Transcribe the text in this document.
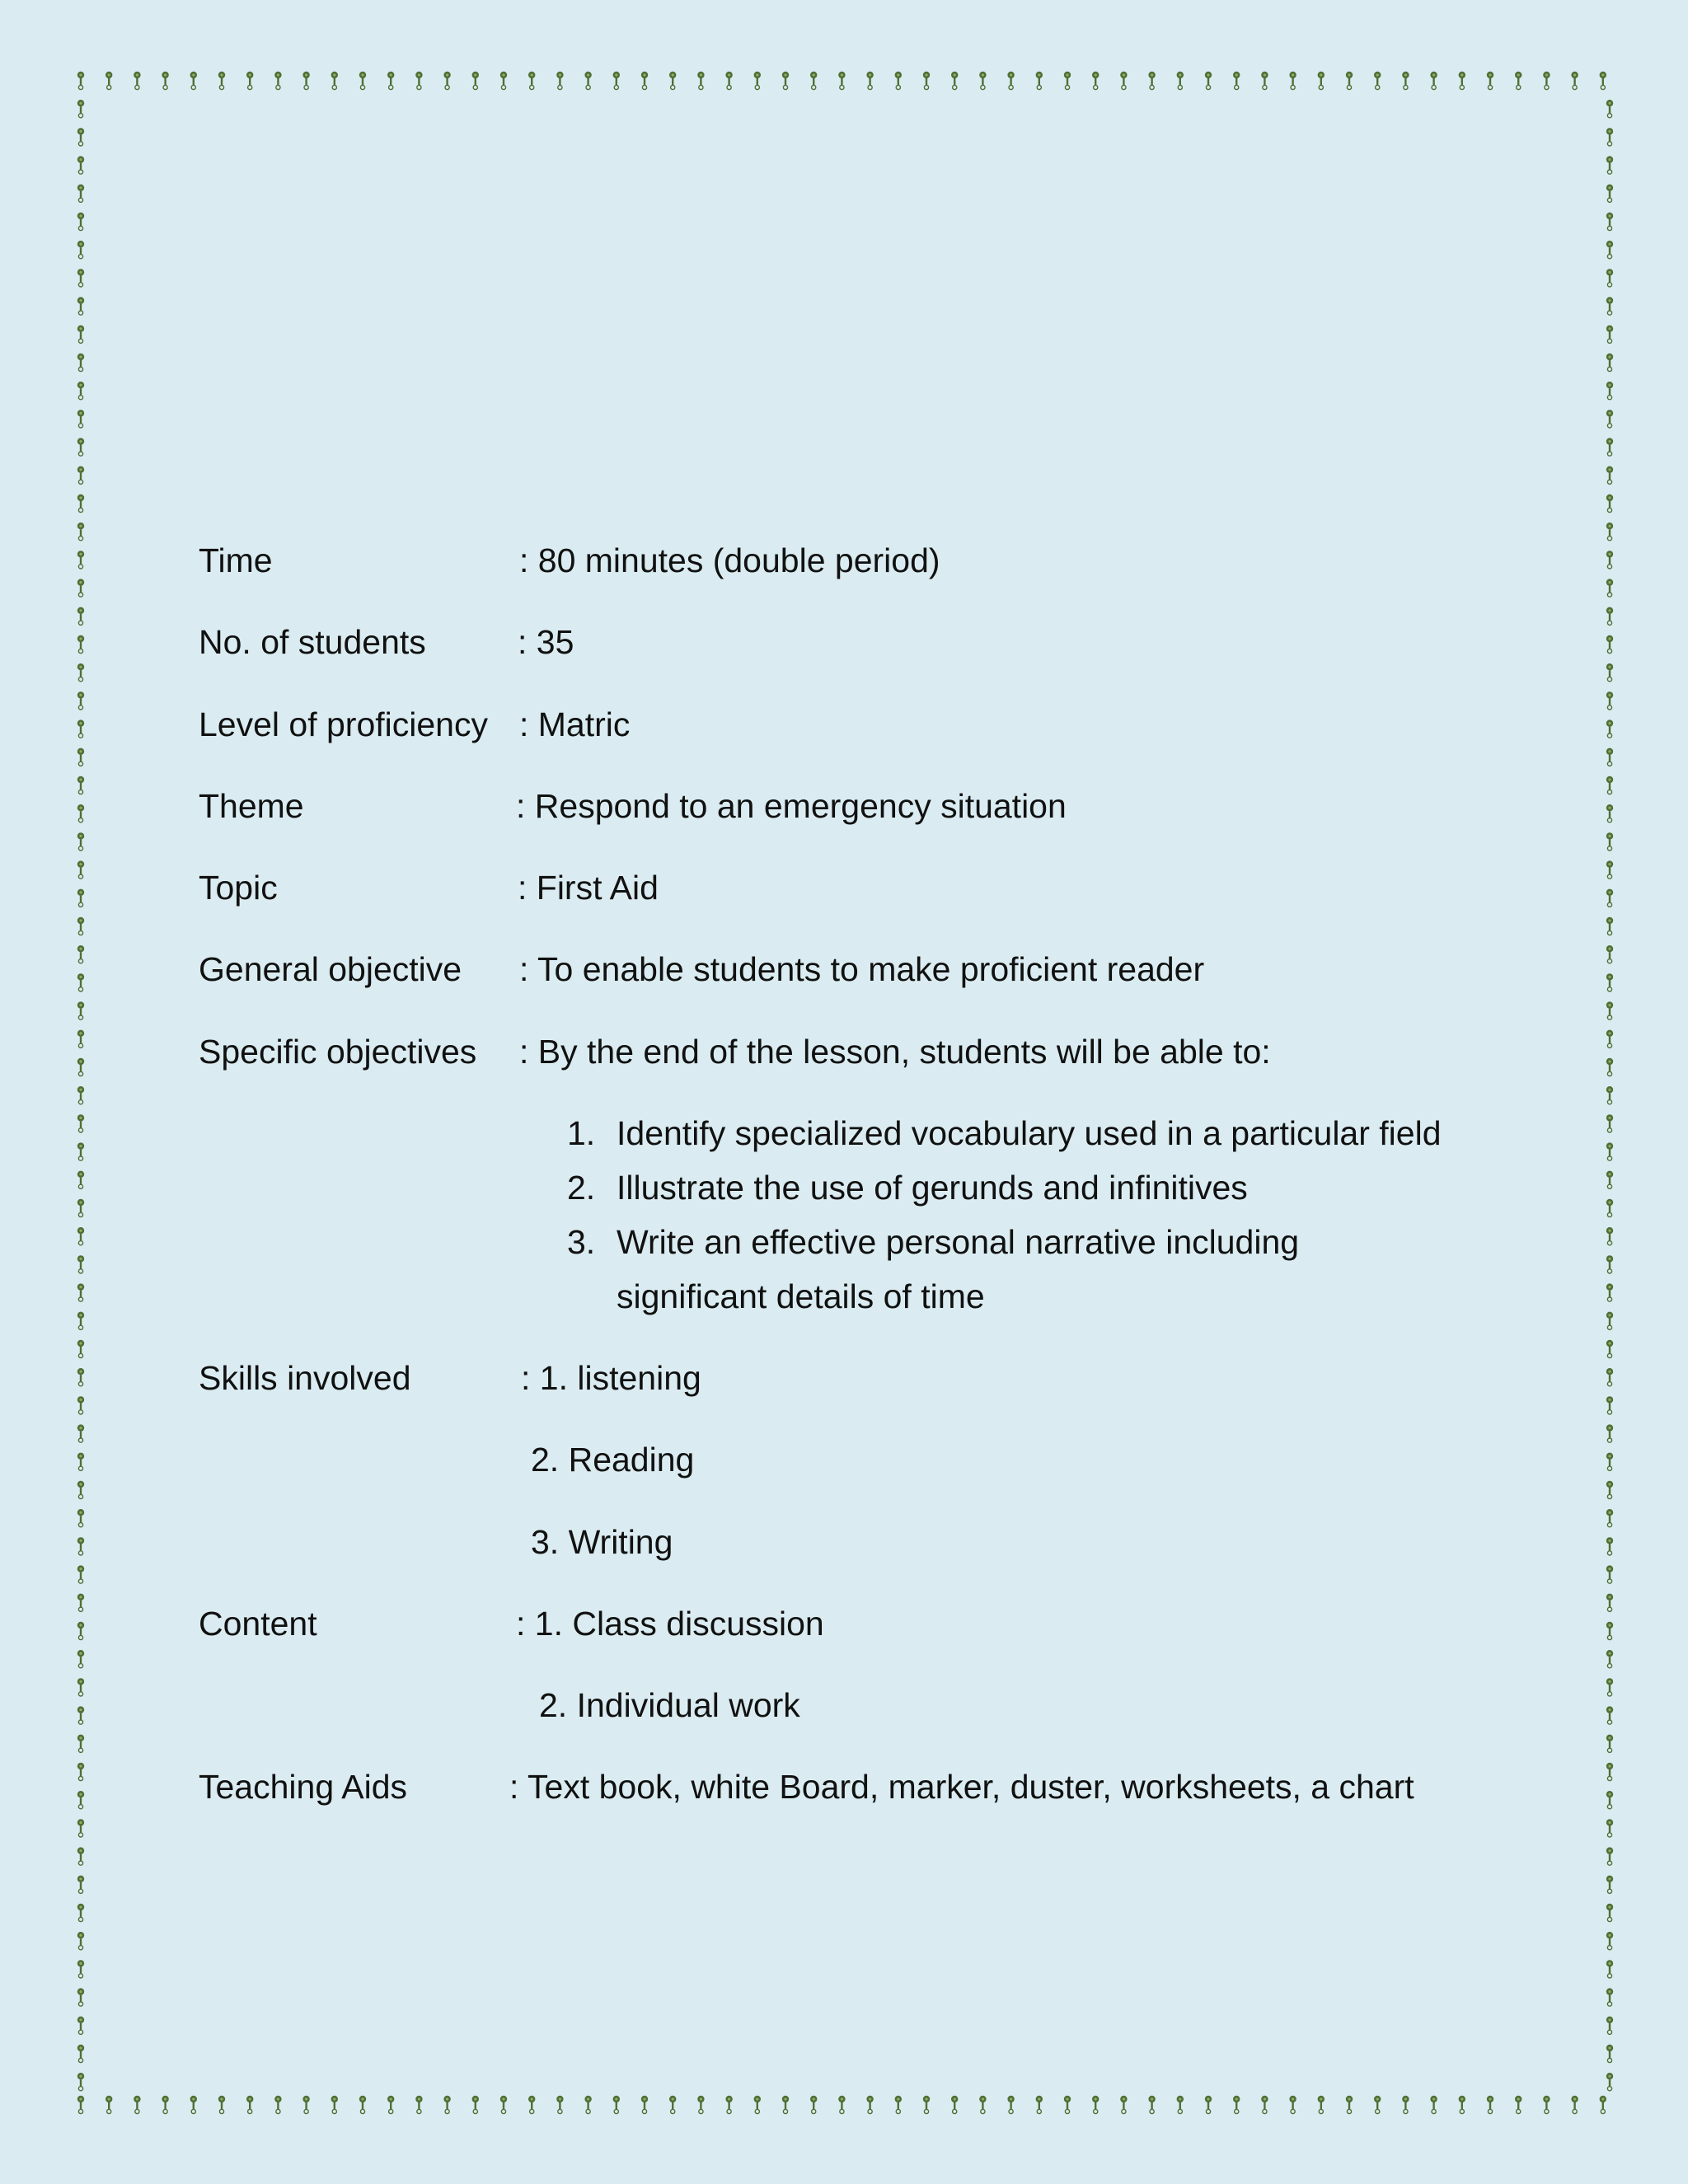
Time	: 80 minutes (double period)
No. of students	: 35
Level of proficiency : Matric
Theme	: Respond to an emergency situation
Topic	: First Aid
General objective : To enable students to make proficient reader
Specific objectives : By the end of the lesson, students will be able to:
1. Identify specialized vocabulary used in a particular field
2. Illustrate the use of gerunds and infinitives
3. Write an effective personal narrative including
significant details of time
Skills involved	: 1. listening
2. Reading
3. Writing
Content	: 1. Class discussion
2. Individual work
Teaching Aids	: Text book, white Board, marker, duster, worksheets, a chart
